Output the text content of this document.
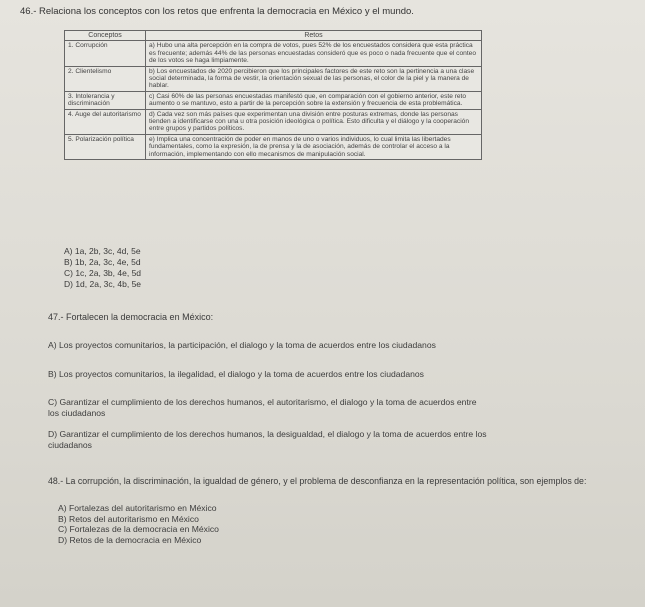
46.- Relaciona los conceptos con los retos que enfrenta la democracia en México y el mundo.
Conceptos	Retos
1. Corrupción	a) Hubo una alta percepción en la compra de votos, pues 52% de los encuestados considera que esta práctica es frecuente; además 44% de las personas encuestadas consideró que es poco o nada frecuente que el conteo de los votos se haga limpiamente.
2. Clientelismo	b) Los encuestados de 2020 percibieron que los principales factores de este reto son la pertinencia a una clase social determinada, la forma de vestir, la orientación sexual de las personas, el color de la piel y la manera de hablar.
3. Intolerancia y discriminación	c) Casi 60% de las personas encuestadas manifestó que, en comparación con el gobierno anterior, este reto aumento o se mantuvo, esto a partir de la percepción sobre la extensión y frecuencia de esta problemática.
4. Auge del autoritarismo	d) Cada vez son más países que experimentan una división entre posturas extremas, donde las personas tienden a identificarse con una u otra posición ideológica o política. Esto dificulta y el diálogo y la cooperación entre grupos y partidos políticos.
5. Polarización política	e) Implica una concentración de poder en manos de uno o varios individuos, lo cual limita las libertades fundamentales, como la expresión, la de prensa y la de asociación, además de controlar el acceso a la información, implementando con ello mecanismos de manipulación social.
A) 1a, 2b, 3c, 4d, 5e
B) 1b, 2a, 3c, 4e, 5d
C) 1c, 2a, 3b, 4e, 5d
D) 1d, 2a, 3c, 4b, 5e
47.- Fortalecen la democracia en México:
A) Los proyectos comunitarios, la participación, el dialogo y la toma de acuerdos entre los ciudadanos
B) Los proyectos comunitarios, la ilegalidad, el dialogo y la toma de acuerdos entre los ciudadanos
C) Garantizar el cumplimiento de los derechos humanos, el autoritarismo, el dialogo y la toma de acuerdos entre los ciudadanos
D) Garantizar el cumplimiento de los derechos humanos, la desigualdad, el dialogo y la toma de acuerdos entre los ciudadanos
48.- La corrupción, la discriminación, la igualdad de género, y el problema de desconfianza en la representación política, son ejemplos de:
A) Fortalezas del autoritarismo en México
B) Retos del autoritarismo en México
C) Fortalezas de la democracia en México
D) Retos de la democracia en México
